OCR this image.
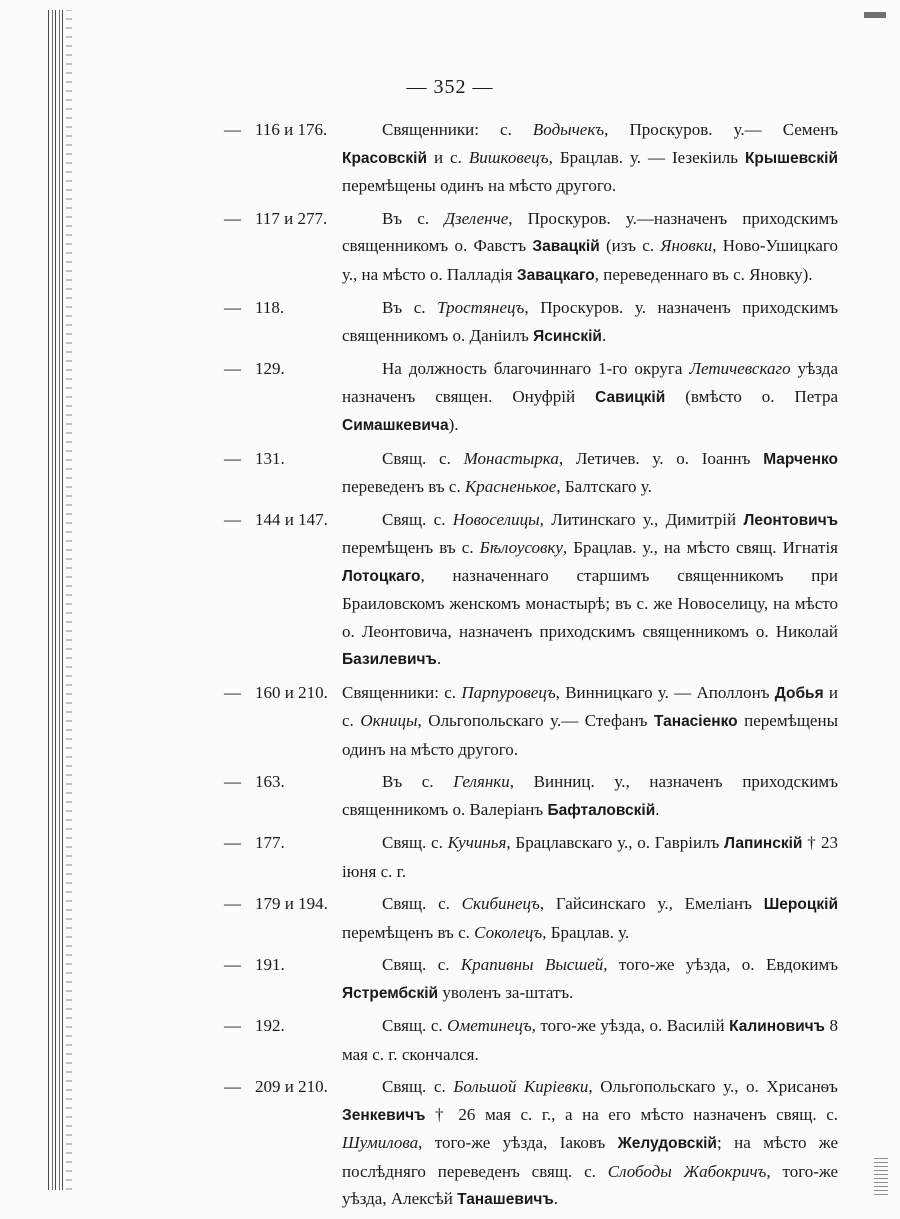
— 352 —
— 116 и 176.	Священники: с. Водычекъ, Проскуров. у.— Семенъ Красовскій и с. Вишковецъ, Брацлав. у. — Іезекіиль Крышевскій перемѣщены одинъ на мѣсто другого.
— 117 и 277.	Въ с. Дзеленче, Проскуров. у.—назначенъ приходскимъ священникомъ о. Фавстъ Завацкій (изъ с. Яновки, Ново-Ушицкаго у., на мѣсто о. Палладія Завацкаго, переведеннаго въ с. Яновку).
— 118.	Въ с. Тростянецъ, Проскуров. у. назначенъ приходскимъ священникомъ о. Даніилъ Ясинскій.
— 129.	На должность благочиннаго 1-го округа Летичевскаго уѣзда назначенъ священ. Онуфрій Савицкій (вмѣсто о. Петра Симашкевича).
— 131.	Свящ. с. Монастырка, Летичев. у. о. Іоаннъ Марченко переведенъ въ с. Красненькое, Балтскаго у.
— 144 и 147.	Свящ. с. Новоселицы, Литинскаго у., Димитрій Леонтовичъ перемѣщенъ въ с. Бѣлоусовку, Брацлав. у., на мѣсто свящ. Игнатія Лотоцкаго, назначеннаго старшимъ священникомъ при Браиловскомъ женскомъ монастырѣ; въ с. же Новоселицу, на мѣсто о. Леонтовича, назначенъ приходскимъ священникомъ о. Николай Базилевичъ.
— 160 и 210. Священники: с. Парпуровецъ, Винницкаго у. — Аполлонъ Добья и с. Окницы, Ольгопольскаго у.— Стефанъ Танасіенко перемѣщены одинъ на мѣсто другого.
— 163.	Въ с. Гелянки, Винниц. у., назначенъ приходскимъ священникомъ о. Валеріанъ Бафталовскій.
— 177.	Свящ. с. Кучинья, Брацлавскаго у., о. Гавріилъ Лапинскій † 23 іюня с. г.
— 179 и 194.	Свящ. с. Скибинецъ, Гайсинскаго у., Емеліанъ Шероцкій перемѣщенъ въ с. Соколецъ, Брацлав. у.
— 191.	Свящ. с. Крапивны Высшей, того-же уѣзда, о. Евдокимъ Ястрембскій уволенъ за-штатъ.
— 192.	Свящ. с. Ометинецъ, того-же уѣзда, о. Василій Калиновичъ 8 мая с. г. скончался.
— 209 и 210.	Свящ. с. Большой Кирiевки, Ольгопольскаго у., о. Хрисанѳъ Зенкевичъ † 26 мая с. г., а на его мѣсто назначенъ свящ. с. Шумилова, того-же уѣзда, Іаковъ Желудовскій; на мѣсто же послѣдняго переведенъ свящ. с. Слободы Жабокричъ, того-же уѣзда, Алексѣй Танашевичъ.
